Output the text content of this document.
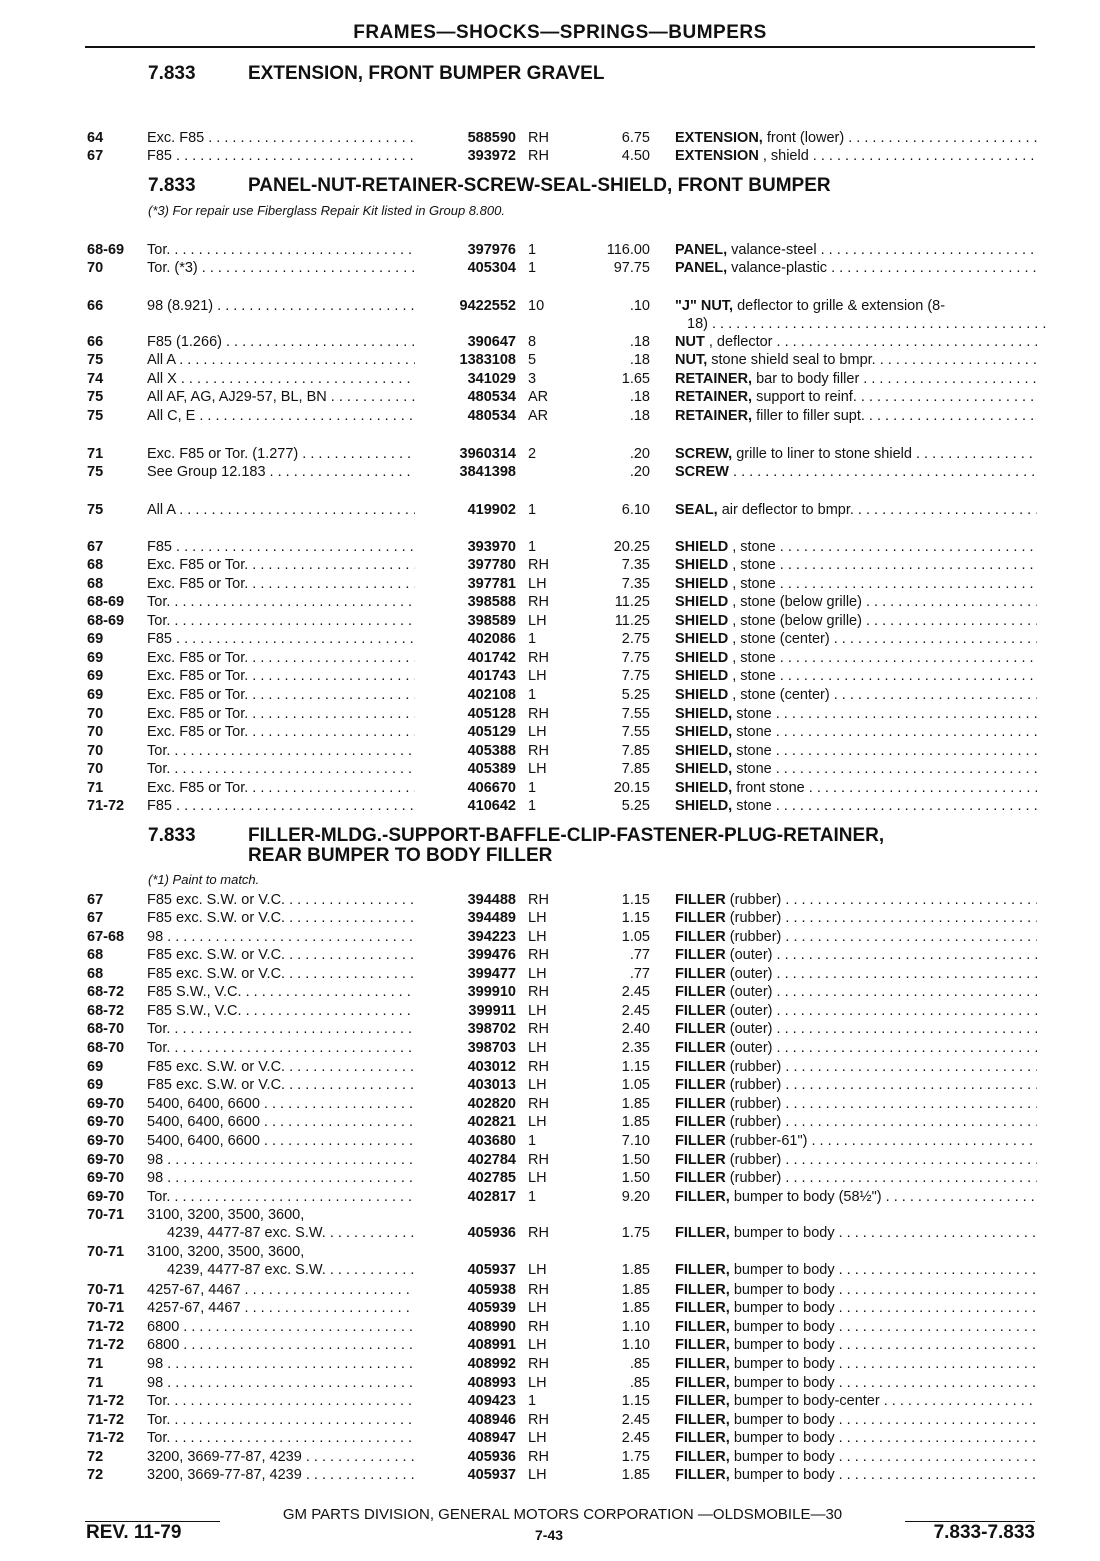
FRAMES—SHOCKS—SPRINGS—BUMPERS
7.833	EXTENSION, FRONT BUMPER GRAVEL
64	Exc. F85 . . .	588590 RH	6.75 EXTENSION, front (lower) . . .
67	F85 . . .	393972 RH	4.50 EXTENSION , shield . . .
7.833	PANEL-NUT-RETAINER-SCREW-SEAL-SHIELD, FRONT BUMPER
(*3) For repair use Fiberglass Repair Kit listed in Group 8.800.
68-69	Tor. . . .	397976 1	116.00 PANEL, valance-steel . . .
70	Tor. (*3) . . .	405304 1	97.75 PANEL, valance-plastic . . .
66	98 (8.921) . . .	9422552 10	.10 "J" NUT, deflector to grille & extension (8-
18) . . .
66	F85 (1.266) . . .	390647 8	.18 NUT , deflector . . .
75	All A . . .	1383108 5	.18 NUT, stone shield seal to bmpr. . . .
74	All X . . .	341029 3	1.65 RETAINER, bar to body filler . . .
75	All AF, AG, AJ29-57, BL, BN . . .	480534 AR	.18 RETAINER, support to reinf. . . .
75	All C, E . . .	480534 AR	.18 RETAINER, filler to filler supt. . . .
71	Exc. F85 or Tor. (1.277) . . .	3960314 2	.20 SCREW, grille to liner to stone shield . . .
75	See Group 12.183 . . .	3841398	.20 SCREW . . .
75	All A . . .	419902 1	6.10 SEAL, air deflector to bmpr. . . .
67	F85 . . .	393970 1	20.25 SHIELD , stone . . .
68	Exc. F85 or Tor. . . .	397780 RH	7.35 SHIELD , stone . . .
68	Exc. F85 or Tor. . . .	397781 LH	7.35 SHIELD , stone . . .
68-69	Tor. . . .	398588 RH	11.25 SHIELD , stone (below grille) . . .
68-69	Tor. . . .	398589 LH	11.25 SHIELD , stone (below grille) . . .
69	F85 . . .	402086 1	2.75 SHIELD , stone (center) . . .
69	Exc. F85 or Tor. . . .	401742 RH	7.75 SHIELD , stone . . .
69	Exc. F85 or Tor. . . .	401743 LH	7.75 SHIELD , stone . . .
69	Exc. F85 or Tor. . . .	402108 1	5.25 SHIELD , stone (center) . . .
70	Exc. F85 or Tor. . . .	405128 RH	7.55 SHIELD, stone . . .
70	Exc. F85 or Tor. . . .	405129 LH	7.55 SHIELD, stone . . .
70	Tor. . . .	405388 RH	7.85 SHIELD, stone . . .
70	Tor. . . .	405389 LH	7.85 SHIELD, stone . . .
71	Exc. F85 or Tor. . . .	406670 1	20.15 SHIELD, front stone . . .
71-72	F85 . . .	410642 1	5.25 SHIELD, stone . . .
7.833	FILLER-MLDG.-SUPPORT-BAFFLE-CLIP-FASTENER-PLUG-RETAINER,
REAR BUMPER TO BODY FILLER
(*1) Paint to match.
67	F85 exc. S.W. or V.C. . . .	394488 RH	1.15 FILLER (rubber) . . .
67	F85 exc. S.W. or V.C. . . .	394489 LH	1.15 FILLER (rubber) . . .
67-68	98 . . .	394223 LH	1.05 FILLER (rubber) . . .
68	F85 exc. S.W. or V.C. . . .	399476 RH	.77 FILLER (outer) . . .
68	F85 exc. S.W. or V.C. . . .	399477 LH	.77 FILLER (outer) . . .
68-72	F85 S.W., V.C. . . .	399910 RH	2.45 FILLER (outer) . . .
68-72	F85 S.W., V.C. . . .	399911 LH	2.45 FILLER (outer) . . .
68-70	Tor. . . .	398702 RH	2.40 FILLER (outer) . . .
68-70	Tor. . . .	398703 LH	2.35 FILLER (outer) . . .
69	F85 exc. S.W. or V.C. . . .	403012 RH	1.15 FILLER (rubber) . . .
69	F85 exc. S.W. or V.C. . . .	403013 LH	1.05 FILLER (rubber) . . .
69-70	5400, 6400, 6600 . . .	402820 RH	1.85 FILLER (rubber) . . .
69-70	5400, 6400, 6600 . . .	402821 LH	1.85 FILLER (rubber) . . .
69-70	5400, 6400, 6600 . . .	403680 1	7.10 FILLER (rubber-61") . . .
69-70	98 . . .	402784 RH	1.50 FILLER (rubber) . . .
69-70	98 . . .	402785 LH	1.50 FILLER (rubber) . . .
69-70	Tor. . . .	402817 1	9.20 FILLER, bumper to body (58½") . . .
70-71	3100, 3200, 3500, 3600,
4239, 4477-87 exc. S.W. . . .	405936 RH	1.75 FILLER, bumper to body . . .
70-71	3100, 3200, 3500, 3600,
4239, 4477-87 exc. S.W. . . .	405937 LH	1.85 FILLER, bumper to body . . .
70-71	4257-67, 4467 . . .	405938 RH	1.85 FILLER, bumper to body . . .
70-71	4257-67, 4467 . . .	405939 LH	1.85 FILLER, bumper to body . . .
71-72	6800 . . .	408990 RH	1.10 FILLER, bumper to body . . .
71-72	6800 . . .	408991 LH	1.10 FILLER, bumper to body . . .
71	98 . . .	408992 RH	.85 FILLER, bumper to body . . .
71	98 . . .	408993 LH	.85 FILLER, bumper to body . . .
71-72	Tor. . . .	409423 1	1.15 FILLER, bumper to body-center . . .
71-72	Tor. . . .	408946 RH	2.45 FILLER, bumper to body . . .
71-72	Tor. . . .	408947 LH	2.45 FILLER, bumper to body . . .
72	3200, 3669-77-87, 4239 . . .	405936 RH	1.75 FILLER, bumper to body . . .
72	3200, 3669-77-87, 4239 . . .	405937 LH	1.85 FILLER, bumper to body . . .
GM PARTS DIVISION, GENERAL MOTORS CORPORATION —OLDSMOBILE—30
REV. 11-79	7-43	7.833-7.833
